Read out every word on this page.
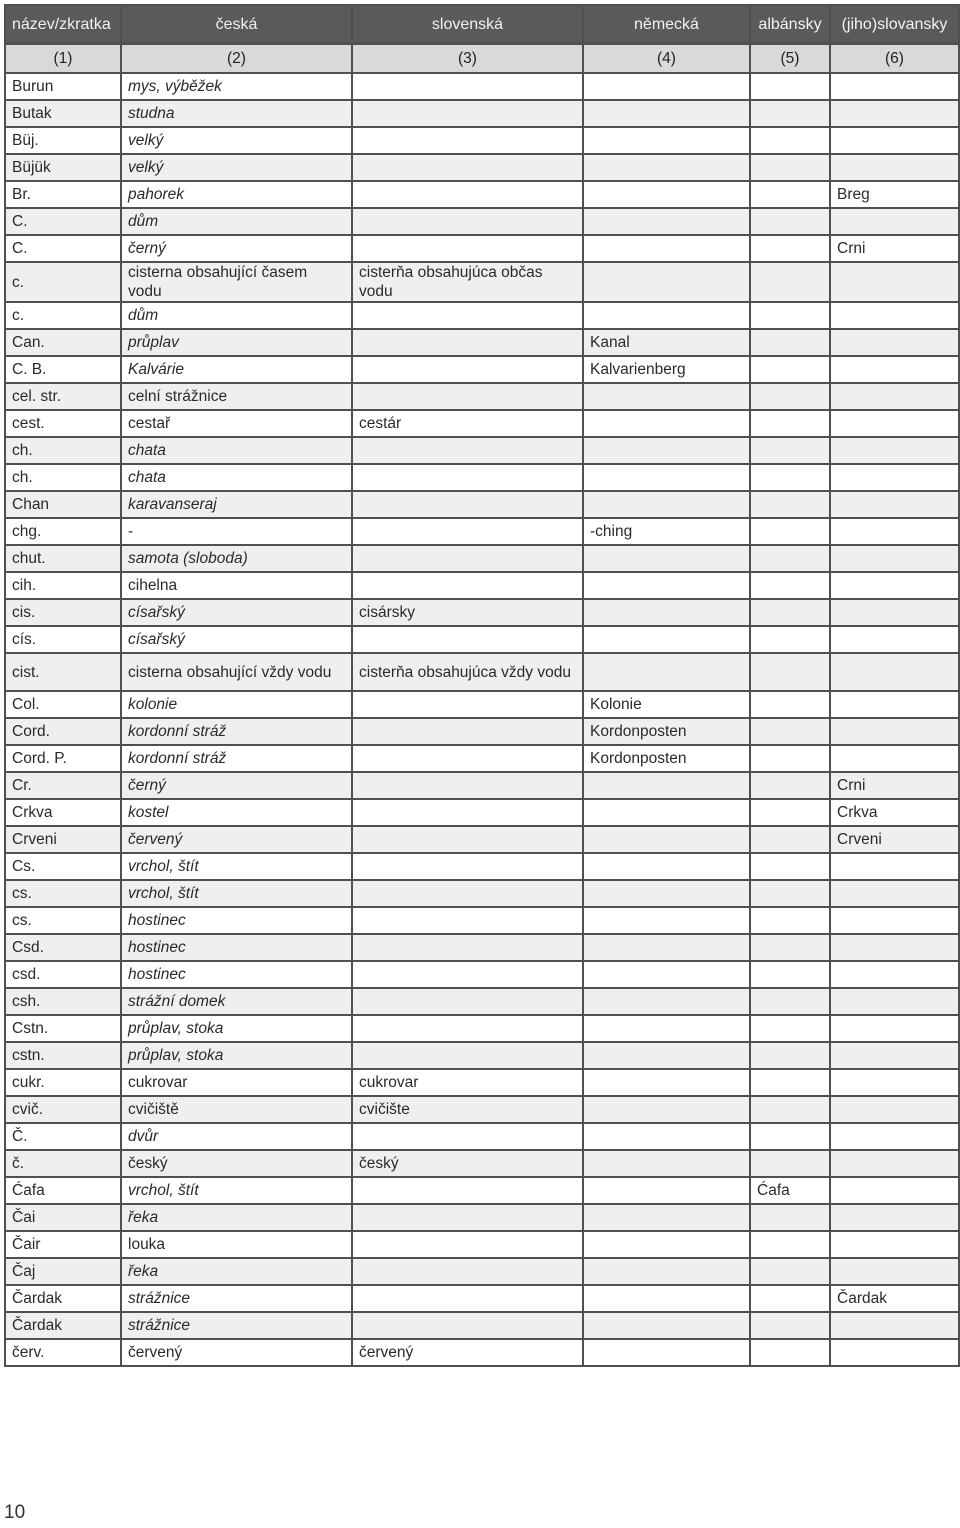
název/zkratka	česká	slovenská	německá	albánsky	(jiho)slovansky
(1)	(2)	(3)	(4)	(5)	(6)
Burun	mys, výběžek				
Butak	studna				
Büj.	velký				
Büjük	velký				
Br.	pahorek				Breg
C.	dům				
C.	černý				Crni
c.	cisterna obsahující časem vodu	cisterňa obsahujúca občas vodu			
c.	dům				
Can.	průplav		Kanal		
C. B.	Kalvárie		Kalvarienberg		
cel. str.	celní strážnice				
cest.	cestař	cestár			
ch.	chata				
ch.	chata				
Chan	karavanseraj				
chg.	-		-ching		
chut.	samota (sloboda)				
cih.	cihelna				
cis.	císařský	cisársky			
cís.	císařský				
cist.	cisterna obsahující vždy vodu	cisterňa obsahujúca vždy vodu			
Col.	kolonie		Kolonie		
Cord.	kordonní stráž		Kordonposten		
Cord. P.	kordonní stráž		Kordonposten		
Cr.	černý				Crni
Crkva	kostel				Crkva
Crveni	červený				Crveni
Cs.	vrchol, štít				
cs.	vrchol, štít				
cs.	hostinec				
Csd.	hostinec				
csd.	hostinec				
csh.	strážní domek				
Cstn.	průplav, stoka				
cstn.	průplav, stoka				
cukr.	cukrovar	cukrovar			
cvič.	cvičiště	cvičište			
Č.	dvůr				
č.	český	český			
Ćafa	vrchol, štít			Ćafa	
Čai	řeka				
Čair	louka				
Čaj	řeka				
Čardak	strážnice				Čardak
Čardak	strážnice				
červ.	červený	červený			
10
